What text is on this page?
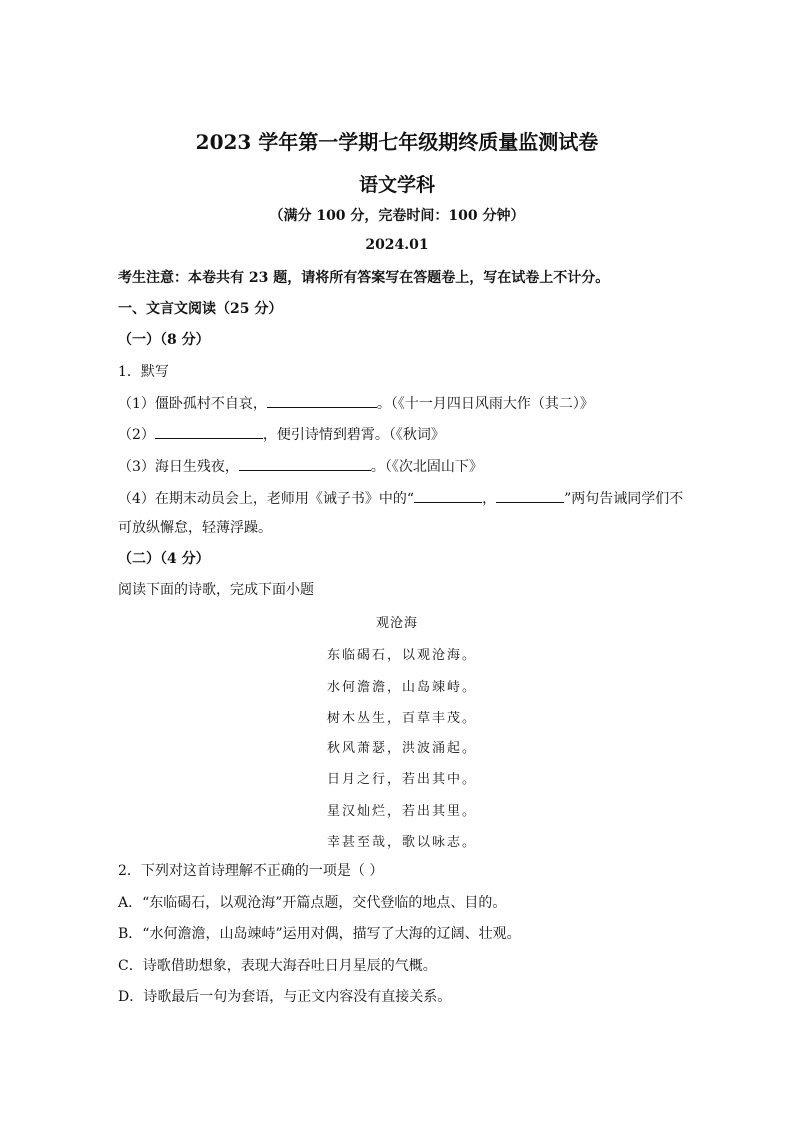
2023 学年第一学期七年级期终质量监测试卷
语文学科
（满分 100 分，完卷时间：100 分钟）
2024.01
考生注意：本卷共有 23 题，请将所有答案写在答题卷上，写在试卷上不计分。
一、文言文阅读（25 分）
（一）（8 分）
1．默写
（1）僵卧孤村不自哀，	。（《十一月四日风雨大作（其二）》
（2）	，便引诗情到碧霄。（《秋词》
（3）海日生残夜，	。（《次北固山下》
（4）在期末动员会上，老师用《诫子书》中的“	，	”两句告诫同学们不
可放纵懈怠，轻薄浮躁。
（二）（4 分）
阅读下面的诗歌，完成下面小题
观沧海
东临碣石，以观沧海。
水何澹澹，山岛竦峙。
树木丛生，百草丰茂。
秋风萧瑟，洪波涌起。
日月之行，若出其中。
星汉灿烂，若出其里。
幸甚至哉，歌以咏志。
2．下列对这首诗理解不正确的一项是（ ）
A．“东临碣石，以观沧海”开篇点题，交代登临的地点、目的。
B．“水何澹澹，山岛竦峙”运用对偶，描写了大海的辽阔、壮观。
C．诗歌借助想象，表现大海吞吐日月星辰的气概。
D．诗歌最后一句为套语，与正文内容没有直接关系。
